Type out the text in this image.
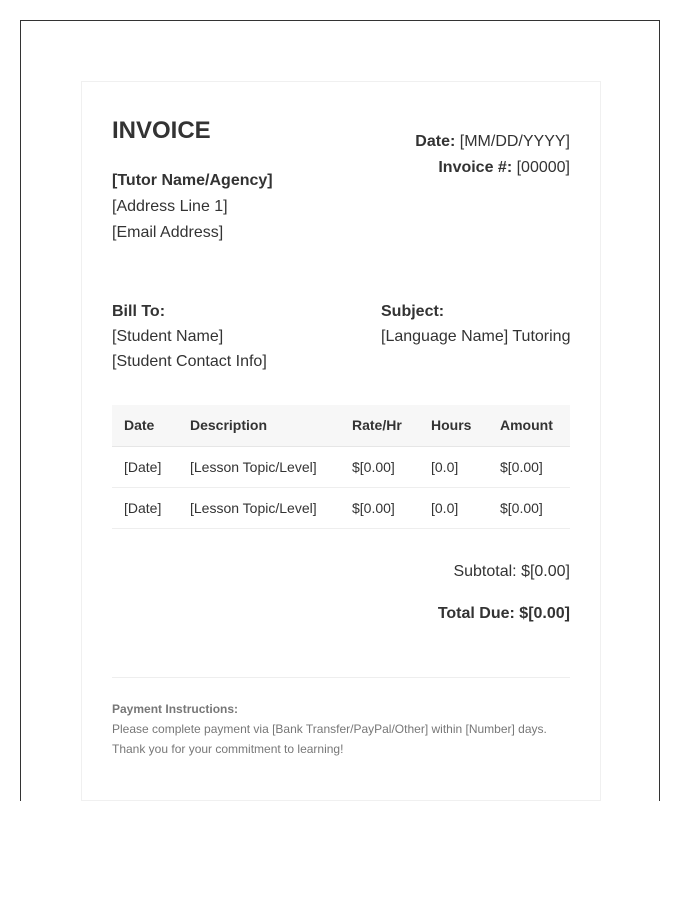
INVOICE
[Tutor Name/Agency]
[Address Line 1]
[Email Address]
Date: [MM/DD/YYYY]
Invoice #: [00000]
Bill To:
[Student Name]
[Student Contact Info]
Subject:
[Language Name] Tutoring
Date	Description	Rate/Hr	Hours	Amount
[Date]	[Lesson Topic/Level]	$[0.00]	[0.0]	$[0.00]
[Date]	[Lesson Topic/Level]	$[0.00]	[0.0]	$[0.00]
Subtotal: $[0.00]
Total Due: $[0.00]
Payment Instructions:
Please complete payment via [Bank Transfer/PayPal/Other] within [Number] days.
Thank you for your commitment to learning!
